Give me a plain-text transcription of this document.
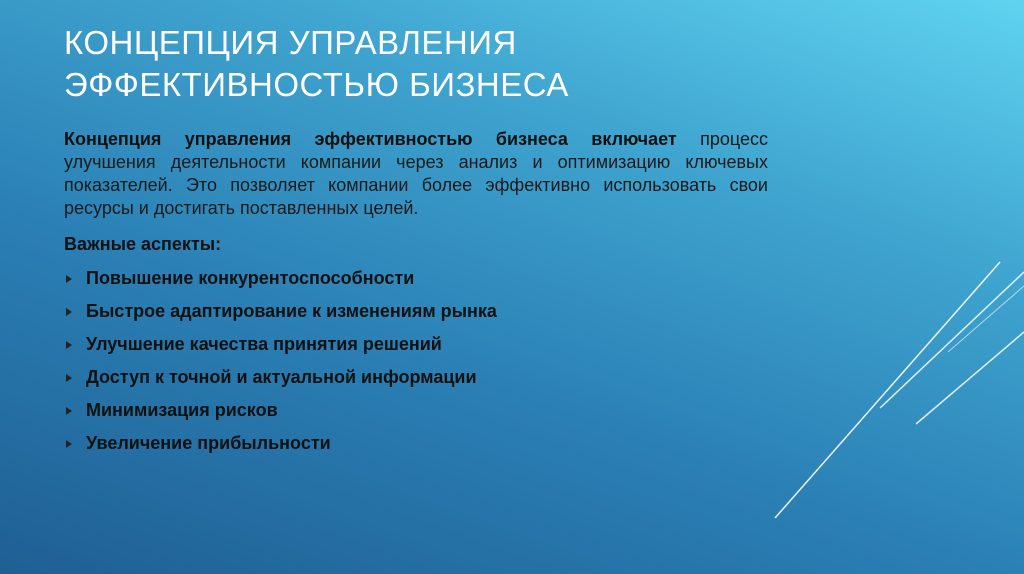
КОНЦЕПЦИЯ УПРАВЛЕНИЯ
ЭФФЕКТИВНОСТЬЮ БИЗНЕСА

Концепция управления эффективностью бизнеса включает процесс улучшения деятельности компании через анализ и оптимизацию ключевых показателей. Это позволяет компании более эффективно использовать свои ресурсы и достигать поставленных целей.

Важные аспекты:

Повышение конкурентоспособности
Быстрое адаптирование к изменениям рынка
Улучшение качества принятия решений
Доступ к точной и актуальной информации
Минимизация рисков
Увеличение прибыльности
